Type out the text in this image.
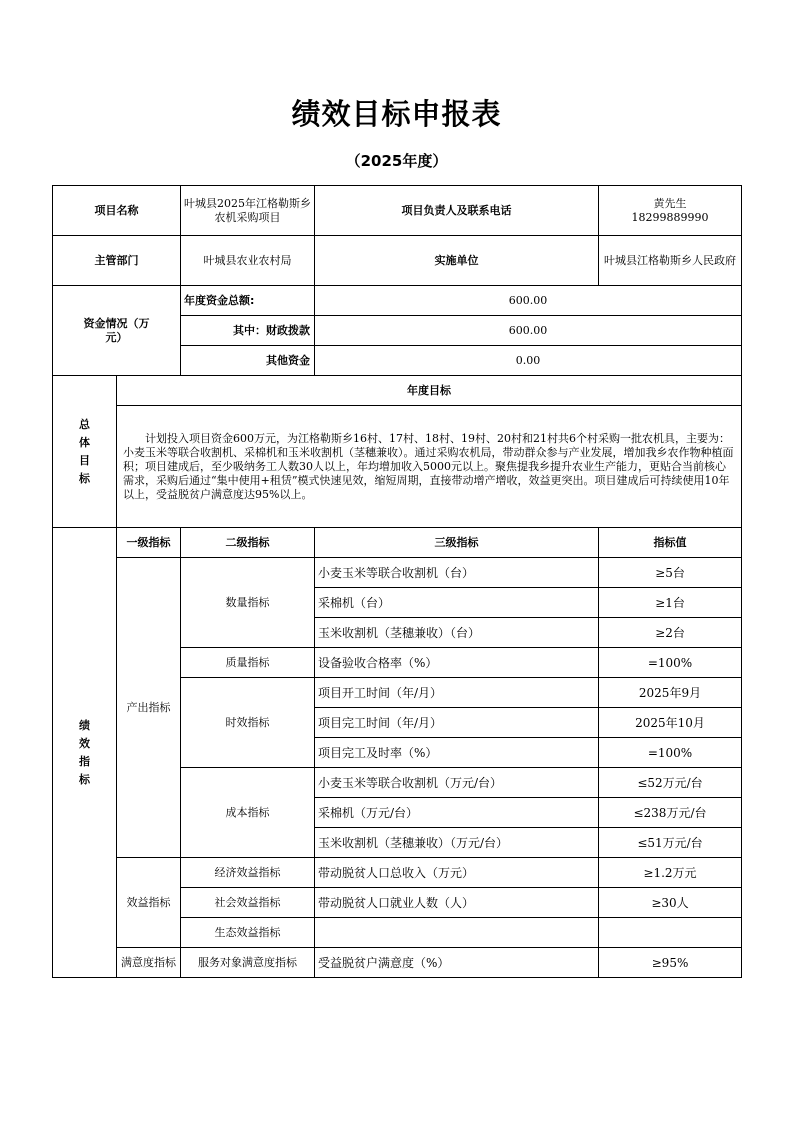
绩效目标申报表
（2025年度）
项目名称		叶城县2025年江格勒斯乡农机采购项目	项目负责人及联系电话	黄先生
18299889990

主管部门		叶城县农业农村局	实施单位	叶城县江格勒斯乡人民政府

资金情况（万元）		年度资金总额:	600.00	
		其中：财政拨款	600.00	
		其他资金	0.00	

总体目标	年度目标			
	计划投入项目资金600万元，为江格勒斯乡16村、17村、18村、19村、20村和21村共6个村采购一批农机具，主要为：小麦玉米等联合收割机、采棉机和玉米收割机（茎穗兼收）。通过采购农机局，带动群众参与产业发展，增加我乡农作物种植面积；项目建成后，至少吸纳务工人数30人以上，年均增加收入5000元以上。聚焦提我乡提升农业生产能力，更贴合当前核心需求，采购后通过“集中使用+租赁”模式快速见效，缩短周期，直接带动增产增收，效益更突出。项目建成后可持续使用10年以上，受益脱贫户满意度达95%以上。			

绩效指标	一级指标	二级指标	三级指标	指标值
	产出指标	数量指标	小麦玉米等联合收割机（台）	≥5台
			采棉机（台）	≥1台
			玉米收割机（茎穗兼收）（台）	≥2台
		质量指标	设备验收合格率（%）	=100%
		时效指标	项目开工时间（年/月）	2025年9月
			项目完工时间（年/月）	2025年10月
			项目完工及时率（%）	=100%
		成本指标	小麦玉米等联合收割机（万元/台）	≤52万元/台
			采棉机（万元/台）	≤238万元/台
			玉米收割机（茎穗兼收）（万元/台）	≤51万元/台
	效益指标	经济效益指标	带动脱贫人口总收入（万元）	≥1.2万元
		社会效益指标	带动脱贫人口就业人数（人）	≥30人
		生态效益指标		
	满意度指标	服务对象满意度指标	受益脱贫户满意度（%）	≥95%
